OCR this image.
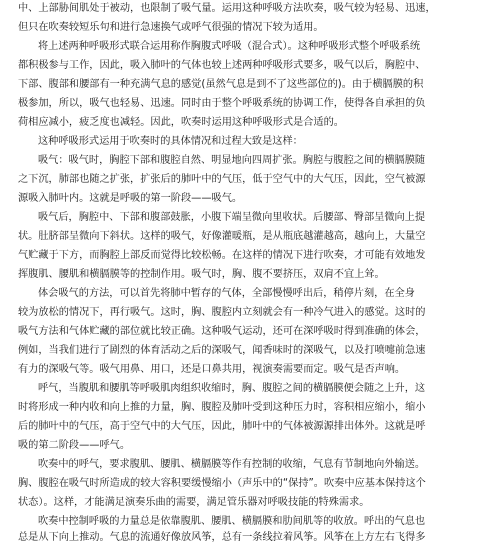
中、上部胁间肌处于被动，也限制了吸气量。运用这种呼吸方法吹奏，吸气较为轻易、迅速，
但只在吹奏较短乐句和进行急速换气或呼气很强的情况下较为适用。
将上述两种呼吸形式联合运用称作胸腹式呼吸（混合式）。这种呼吸形式整个呼吸系统
都积极参与工作，因此，吸入肺叶的气体也较上述两种呼吸形式要多，吸气以后，胸腔中、
下部、腹部和腰部有一种充满气息的感觉(虽然气息是到不了这些部位的)。由于横膈膜的积
极参加，所以，吸气也轻易、迅速。同时由于整个呼吸系统的协调工作，使得各自承担的负
荷相应减小，疲乏度也减轻。因此，吹奏时运用这种呼吸形式是合适的。
这种呼吸形式运用于吹奏时的具体情况和过程大致是这样：
吸气：吸气时，胸腔下部和腹腔自然、明显地向四周扩张。胸腔与腹腔之间的横膈膜随
之下沉，肺部也随之扩张，扩张后的肺叶中的气压，低于空气中的大气压，因此，空气被源
源吸入肺叶内。这就是呼吸的第一阶段——吸气。
吸气后，胸腔中、下部和腹部鼓胀，小腹下端呈微向里收状。后腰部、臀部呈微向上提
状。肚脐部呈微向下斜状。这样的吸气，好像灌暖瓶，是从瓶底越灌越高，越向上，大量空
气贮藏于下方，而胸腔上部反而觉得比较松畅。在这样的情况下进行吹奏，才可能有效地发
挥腹肌、腰肌和横膈膜等的控制作用。吸气时，胸、腹不要挤压，双肩不宜上耸。
体会吸气的方法，可以首先将肺中暂存的气体，全部慢慢呼出后，稍停片刻，在全身
较为放松的情况下，再行吸气。这时，胸、腹腔内立刻就会有一种冷气进入的感觉。这时的
吸气方法和气体贮藏的部位就比较正确。这种吸气运动，还可在深呼吸时得到准确的体会，
例如，当我们进行了剧烈的体育活动之后的深吸气，闻香味时的深吸气，以及打喷嚏前急速
有力的深吸气等。吸气用鼻、用口，还是口鼻共用，视演奏需要而定。吸气是否声响。
呼气，当腹肌和腰肌等呼吸肌肉组织收缩时，胸、腹腔之间的横膈膜便会随之上升，这
时将形成一种内收和向上推的力量，胸、腹腔及肺叶受到这种压力时，容积相应缩小，缩小
后的肺叶中的气压，高于空气中的大气压，因此，肺叶中的气体被源源排出体外。这就是呼
吸的第二阶段——呼气。
吹奏中的呼气，要求腹肌、腰肌、横膈膜等作有控制的收缩，气息有节制地向外输送。
胸、腹腔在吸气时所造成的较大容积要缓慢缩小（声乐中的“保持”。吹奏中应基本保持这个
状态）。这样，才能满足演奏乐曲的需要，满足管乐器对呼吸技能的特殊需求。
吹奏中控制呼吸的力量总是依靠腹肌、腰肌、横膈膜和肋间肌等的收放。呼出的气息也
总是从下向上推动。气息的流通好像放风筝，总有一条线拉着风筝。风筝在上方左右飞得多
